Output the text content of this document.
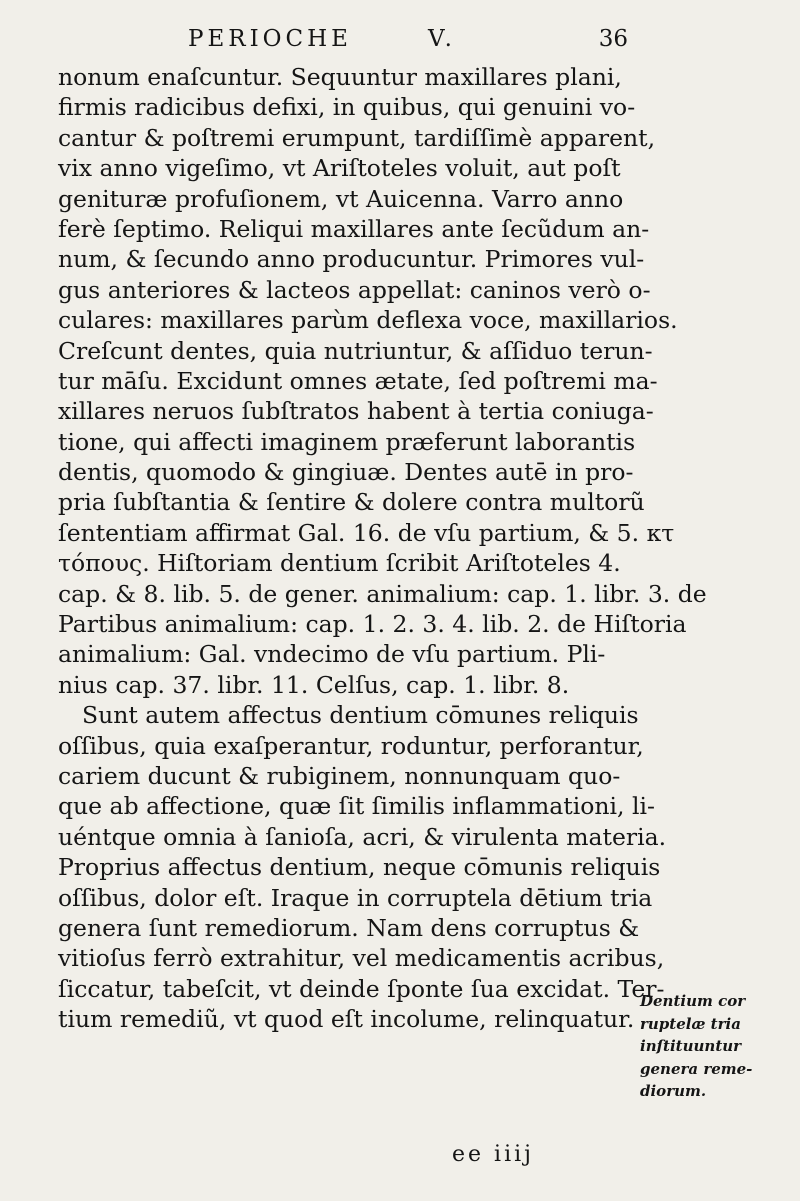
PERIOCHE	V.	36
nonum enaſcuntur. Sequuntur maxillares plani,
firmis radicibus defixi, in quibus, qui genuini vo-
cantur & poſtremi erumpunt, tardiſſimè apparent,
vix anno vigeſimo, vt Ariſtoteles voluit, aut poſt
genituræ profuſionem, vt Auicenna. Varro anno
ferè ſeptimo. Reliqui maxillares ante ſecũdum an-
num, & ſecundo anno producuntur. Primores vul-
gus anteriores & lacteos appellat: caninos verò o-
culares: maxillares parùm deflexa voce, maxillarios.
Creſcunt dentes, quia nutriuntur, & aſſiduo terun-
tur māſu. Excidunt omnes ætate, ſed poſtremi ma-
xillares neruos ſubſtratos habent à tertia coniuga-
tione, qui affecti imaginem præferunt laborantis
dentis, quomodo & gingiuæ. Dentes autē in pro-
pria ſubſtantia & ſentire & dolere contra multorũ
ſententiam affirmat Gal. 16. de vſu partium, & 5. κτ
τόπους. Hiſtoriam dentium ſcribit Ariſtoteles 4.
cap. & 8. lib. 5. de gener. animalium: cap. 1. libr. 3. de
Partibus animalium: cap. 1. 2. 3. 4. lib. 2. de Hiſtoria
animalium: Gal. vndecimo de vſu partium. Pli-
nius cap. 37. libr. 11. Celſus, cap. 1. libr. 8.
Sunt autem affectus dentium cōmunes reliquis
oſſibus, quia exaſperantur, roduntur, perforantur,
cariem ducunt & rubiginem, nonnunquam quo-
que ab affectione, quæ ſit ſimilis inflammationi, li-
uéntque omnia à ſanioſa, acri, & virulenta materia.
Proprius affectus dentium, neque cōmunis reliquis
oſſibus, dolor eſt. Iraque in corruptela dētium tria
genera ſunt remediorum. Nam dens corruptus &
vitioſus ferrò extrahitur, vel medicamentis acribus,
ſiccatur, tabeſcit, vt deinde ſponte ſua excidat. Ter-
tium remediũ, vt quod eſt incolume, relinquatur.
Dentium cor
ruptelæ tria
inſtituuntur
genera reme-
diorum.
ee iiij
